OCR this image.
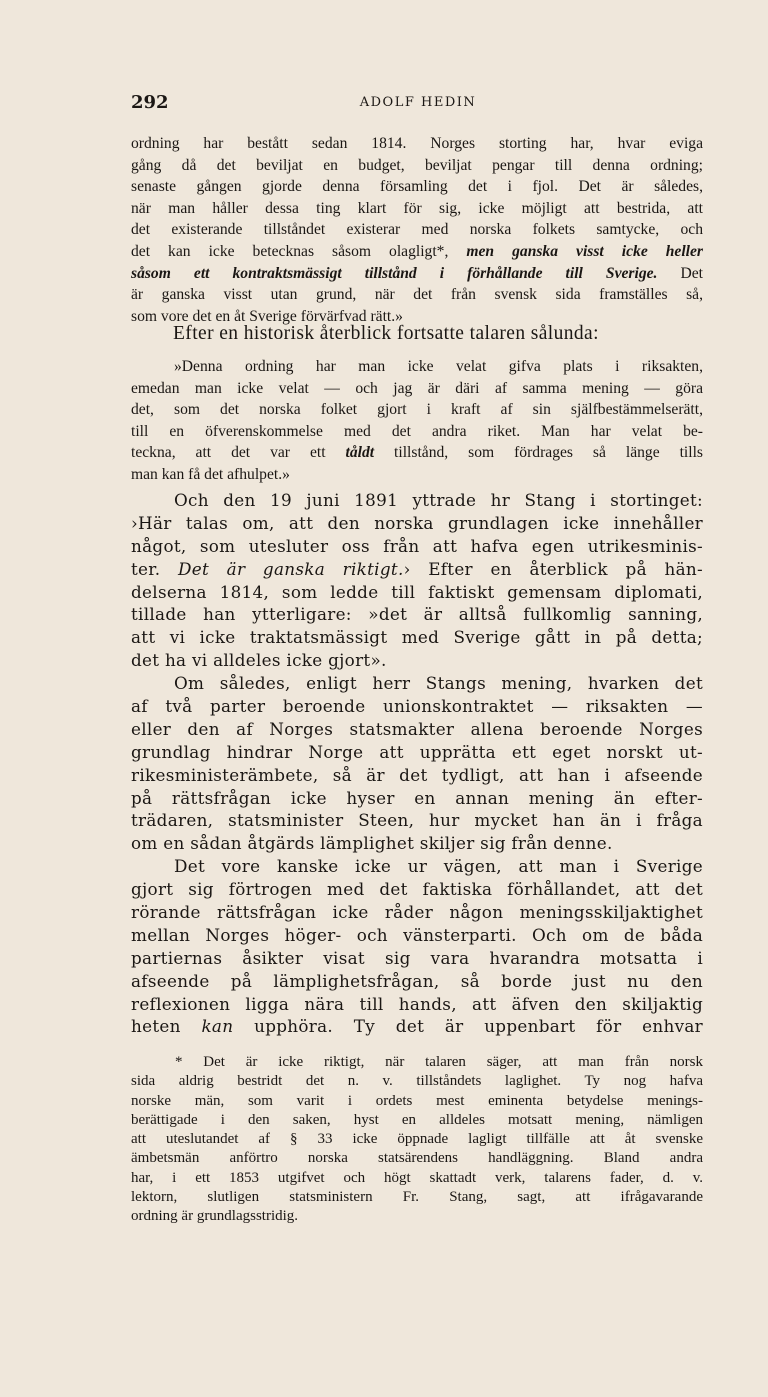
292	ADOLF HEDIN
ordning har bestått sedan 1814. Norges storting har, hvar eviga
gång då det beviljat en budget, beviljat pengar till denna ordning;
senaste gången gjorde denna församling det i fjol. Det är således,
när man håller dessa ting klart för sig, icke möjligt att bestrida, att
det existerande tillståndet existerar med norska folkets samtycke, och
det kan icke betecknas såsom olagligt*, men ganska visst icke heller
såsom ett kontraktsmässigt tillstånd i förhållande till Sverige. Det
är ganska visst utan grund, när det från svensk sida framställes så,
som vore det en åt Sverige förvärfvad rätt.»
Efter en historisk återblick fortsatte talaren sålunda:
»Denna ordning har man icke velat gifva plats i riksakten,
emedan man icke velat — och jag är däri af samma mening — göra
det, som det norska folket gjort i kraft af sin själfbestämmelserätt,
till en öfverenskommelse med det andra riket. Man har velat be-
teckna, att det var ett tåldt tillstånd, som fördrages så länge tills
man kan få det afhulpet.»
Och den 19 juni 1891 yttrade hr Stang i stortinget:
›Här talas om, att den norska grundlagen icke innehåller
något, som utesluter oss från att hafva egen utrikesminis-
ter. Det är ganska riktigt.› Efter en återblick på hän-
delserna 1814, som ledde till faktiskt gemensam diplomati,
tillade han ytterligare: »det är alltså fullkomlig sanning,
att vi icke traktatsmässigt med Sverige gått in på detta;
det ha vi alldeles icke gjort».
Om således, enligt herr Stangs mening, hvarken det
af två parter beroende unionskontraktet — riksakten —
eller den af Norges statsmakter allena beroende Norges
grundlag hindrar Norge att upprätta ett eget norskt ut-
rikesministerämbete, så är det tydligt, att han i afseende
på rättsfrågan icke hyser en annan mening än efter-
trädaren, statsminister Steen, hur mycket han än i fråga
om en sådan åtgärds lämplighet skiljer sig från denne.
Det vore kanske icke ur vägen, att man i Sverige
gjort sig förtrogen med det faktiska förhållandet, att det
rörande rättsfrågan icke råder någon meningsskiljaktighet
mellan Norges höger- och vänsterparti. Och om de båda
partiernas åsikter visat sig vara hvarandra motsatta i
afseende på lämplighetsfrågan, så borde just nu den
reflexionen ligga nära till hands, att äfven den skiljaktig
heten kan upphöra. Ty det är uppenbart för enhvar
* Det är icke riktigt, när talaren säger, att man från norsk
sida aldrig bestridt det n. v. tillståndets laglighet. Ty nog hafva
norske män, som varit i ordets mest eminenta betydelse menings-
berättigade i den saken, hyst en alldeles motsatt mening, nämligen
att uteslutandet af § 33 icke öppnade lagligt tillfälle att åt svenske
ämbetsmän anförtro norska statsärendens handläggning. Bland andra
har, i ett 1853 utgifvet och högt skattadt verk, talarens fader, d. v.
lektorn, slutligen statsministern Fr. Stang, sagt, att ifrågavarande
ordning är grundlagsstridig.
